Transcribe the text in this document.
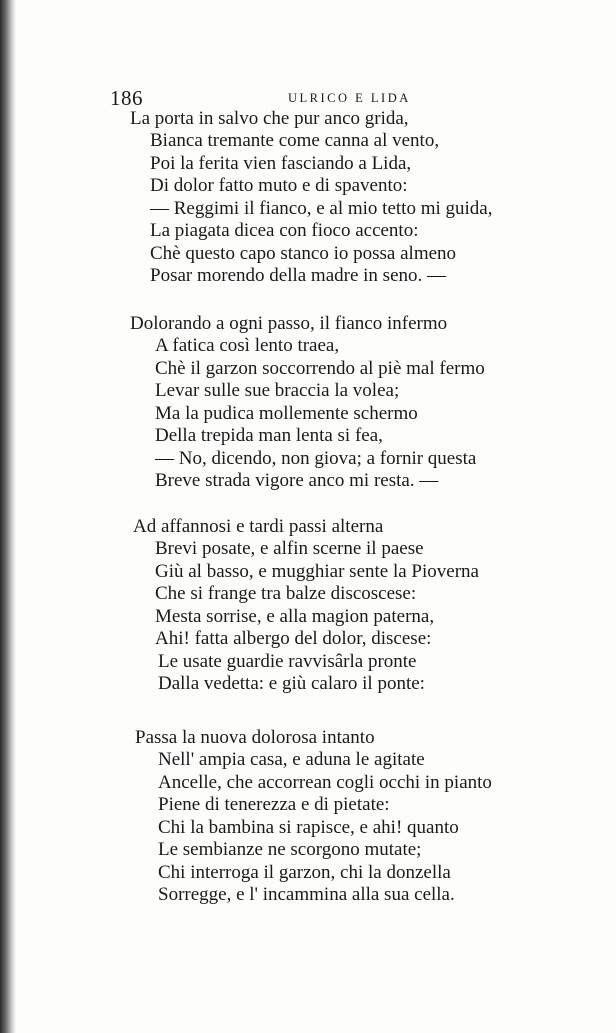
186	ULRICO E LIDA
La porta in salvo che pur anco grida,
Bianca tremante come canna al vento,
Poi la ferita vien fasciando a Lida,
Di dolor fatto muto e di spavento:
— Reggimi il fianco, e al mio tetto mi guida,
La piagata dicea con fioco accento:
Chè questo capo stanco io possa almeno
Posar morendo della madre in seno. —
Dolorando a ogni passo, il fianco infermo
A fatica così lento traea,
Chè il garzon soccorrendo al piè mal fermo
Levar sulle sue braccia la volea;
Ma la pudica mollemente schermo
Della trepida man lenta si fea,
— No, dicendo, non giova; a fornir questa
Breve strada vigore anco mi resta. —
Ad affannosi e tardi passi alterna
Brevi posate, e alfin scerne il paese
Giù al basso, e mugghiar sente la Pioverna
Che si frange tra balze discoscese:
Mesta sorrise, e alla magion paterna,
Ahi! fatta albergo del dolor, discese:
Le usate guardie ravvisârla pronte
Dalla vedetta: e giù calaro il ponte:
Passa la nuova dolorosa intanto
Nell' ampia casa, e aduna le agitate
Ancelle, che accorrean cogli occhi in pianto
Piene di tenerezza e di pietate:
Chi la bambina si rapisce, e ahi! quanto
Le sembianze ne scorgono mutate;
Chi interroga il garzon, chi la donzella
Sorregge, e l' incammina alla sua cella.
